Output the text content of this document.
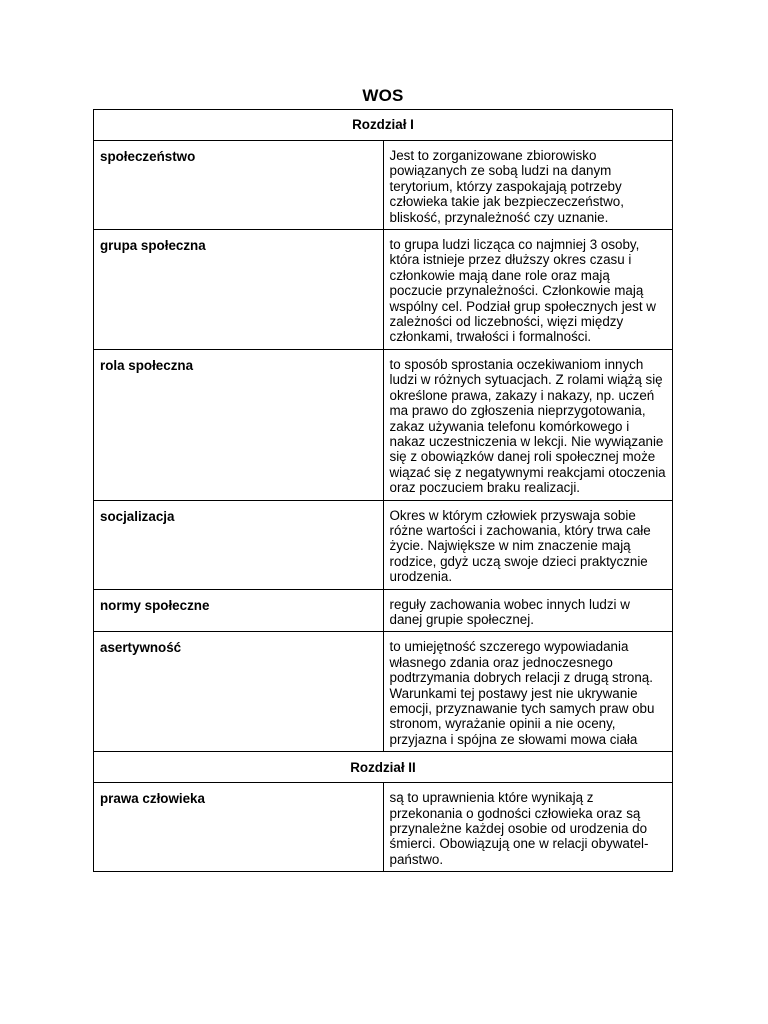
WOS
Rozdział I	
społeczeństwo	Jest to zorganizowane zbiorowisko powiązanych ze sobą ludzi na danym terytorium, którzy zaspokajają potrzeby człowieka takie jak bezpieczeczeństwo, bliskość, przynależność czy uznanie.
grupa społeczna	to grupa ludzi licząca co najmniej 3 osoby, która istnieje przez dłuższy okres czasu i członkowie mają dane role oraz mają poczucie przynależności. Członkowie mają wspólny cel. Podział grup społecznych jest w zależności od liczebności, więzi między członkami, trwałości i formalności.
rola społeczna	to sposób sprostania oczekiwaniom innych ludzi w różnych sytuacjach. Z rolami wiążą się określone prawa, zakazy i nakazy, np. uczeń ma prawo do zgłoszenia nieprzygotowania, zakaz używania telefonu komórkowego i nakaz uczestniczenia w lekcji. Nie wywiązanie się z obowiązków danej roli społecznej może wiązać się z negatywnymi reakcjami otoczenia oraz poczuciem braku realizacji.
socjalizacja	Okres w którym człowiek przyswaja sobie różne wartości i zachowania, który trwa całe życie. Największe w nim znaczenie mają rodzice, gdyż uczą swoje dzieci praktycznie urodzenia.
normy społeczne	reguły zachowania wobec innych ludzi w danej grupie społecznej.
asertywność	to umiejętność szczerego wypowiadania własnego zdania oraz jednoczesnego podtrzymania dobrych relacji z drugą stroną. Warunkami tej postawy jest nie ukrywanie emocji, przyznawanie tych samych praw obu stronom, wyrażanie opinii a nie oceny, przyjazna i spójna ze słowami mowa ciała
Rozdział II	
prawa człowieka	są to uprawnienia które wynikają z przekonania o godności człowieka oraz są przynależne każdej osobie od urodzenia do śmierci. Obowiązują one w relacji obywatel-państwo.
